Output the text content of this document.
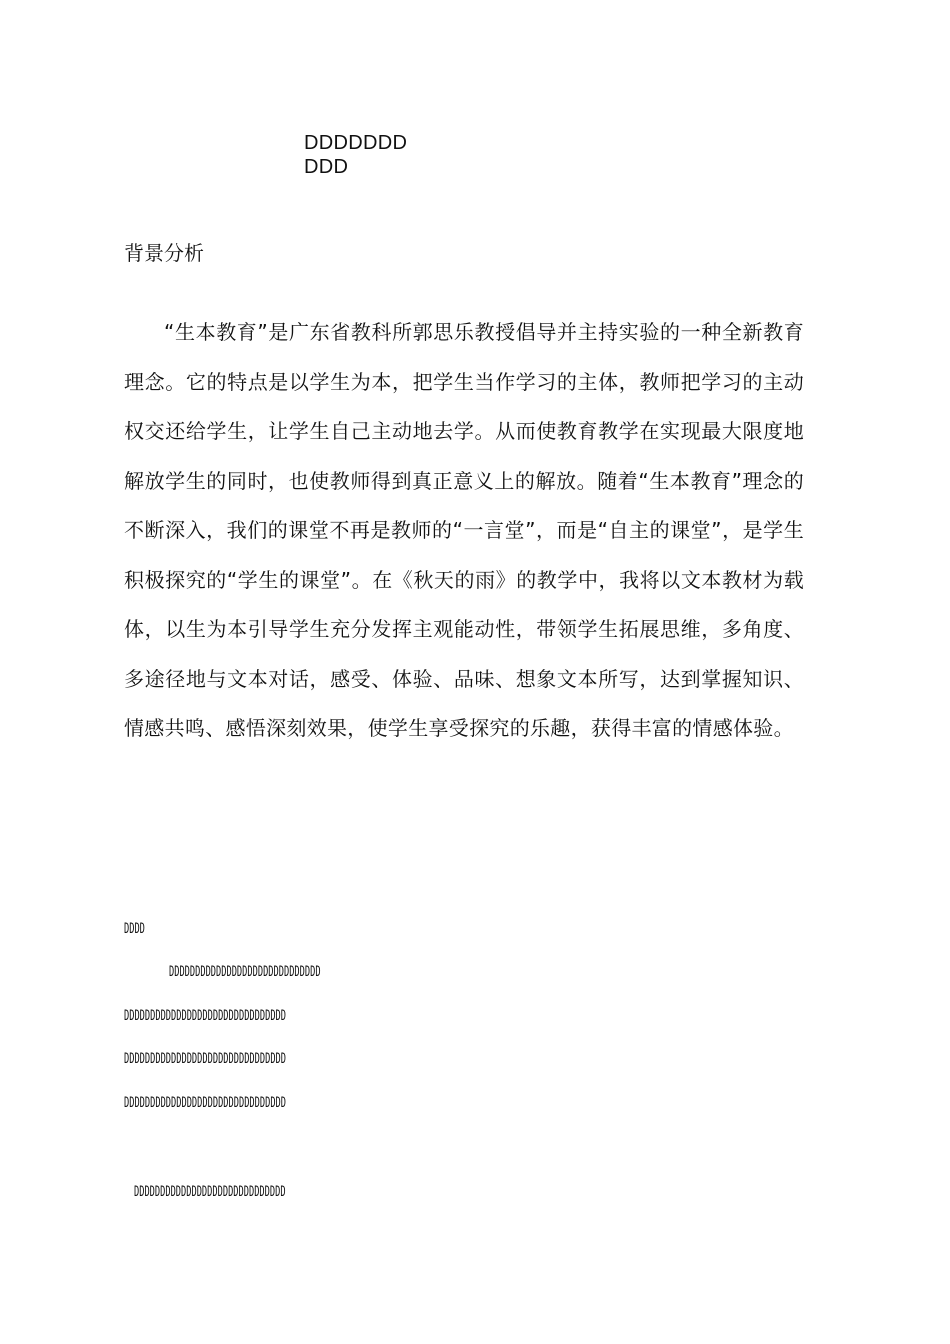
DDDDDDD
DDD
背景分析

“生本教育”是广东省教科所郭思乐教授倡导并主持实验的一种全新教育理念。它的特点是以学生为本，把学生当作学习的主体，教师把学习的主动权交还给学生，让学生自己主动地去学。从而使教育教学在实现最大限度地解放学生的同时，也使教师得到真正意义上的解放。随着“生本教育”理念的不断深入，我们的课堂不再是教师的“一言堂”，而是“自主的课堂”，是学生积极探究的“学生的课堂”。在《秋天的雨》的教学中，我将以文本教材为载体，以生为本引导学生充分发挥主观能动性，带领学生拓展思维，多角度、多途径地与文本对话，感受、体验、品味、想象文本所写，达到掌握知识、情感共鸣、感悟深刻效果，使学生享受探究的乐趣，获得丰富的情感体验。

DDDD
DDDDDDDDDDDDDDDDDDDDDDDDDDDDD
DDDDDDDDDDDDDDDDDDDDDDDDDDDDDDD
DDDDDDDDDDDDDDDDDDDDDDDDDDDDDDD
DDDDDDDDDDDDDDDDDDDDDDDDDDDDDDD
DDDDDDDDDDDDDDDDDDDDDDDDDDDDD
